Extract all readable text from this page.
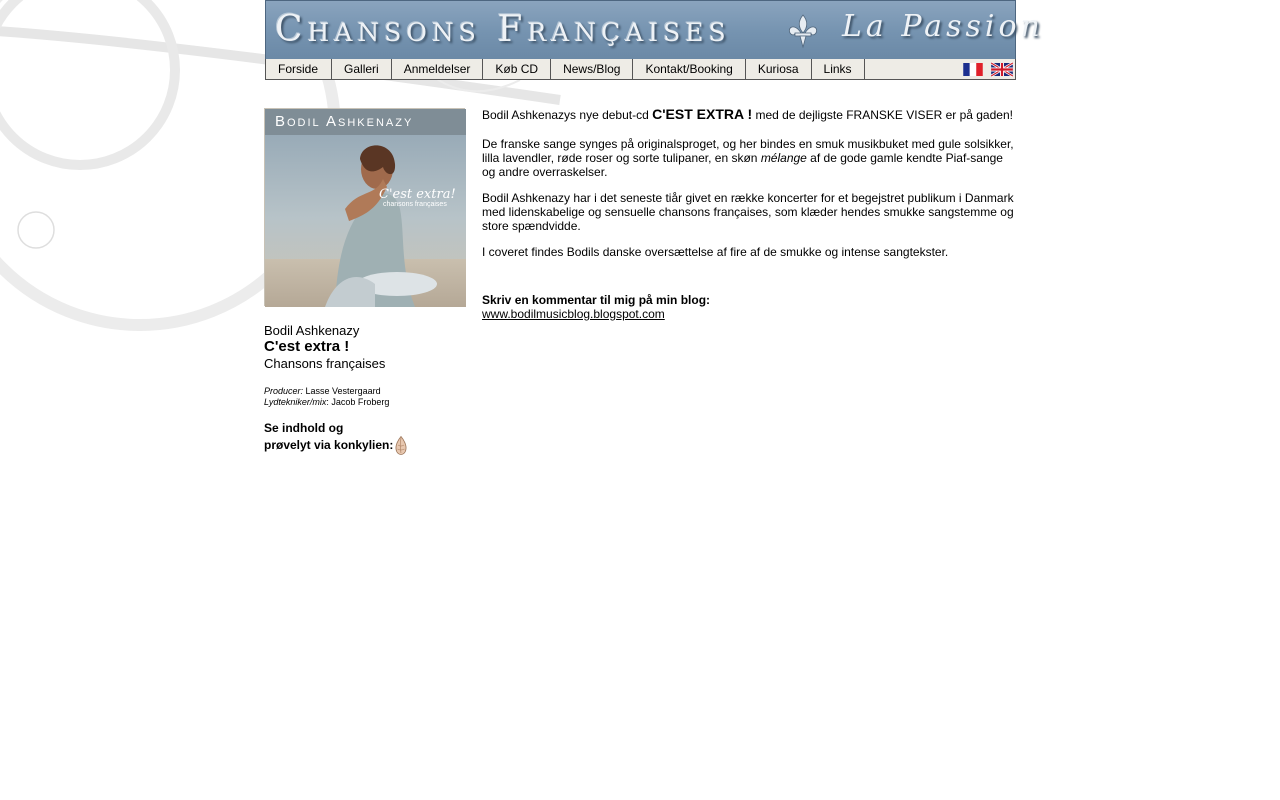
Chansons Françaises	La Passion
Forside	Galleri	Anmeldelser	Køb CD	News/Blog	Kontakt/Booking	Kuriosa	Links
Bodil Ashkenazy
C'est extra!
chansons françaises
Bodil Ashkenazy
C'est extra !
Chansons françaises
Producer: Lasse Vestergaard
Lydtekniker/mix: Jacob Froberg
Se indhold og
prøvelyt via konkylien:

Bodil Ashkenazys nye debut-cd C'EST EXTRA ! med de dejligste FRANSKE VISER er på gaden!

De franske sange synges på originalsproget, og her bindes en smuk musikbuket med gule solsikker, lilla lavendler, røde roser og sorte tulipaner, en skøn mélange af de gode gamle kendte Piaf-sange og andre overraskelser.

Bodil Ashkenazy har i det seneste tiår givet en række koncerter for et begejstret publikum i Danmark med lidenskabelige og sensuelle chansons françaises, som klæder hendes smukke sangstemme og store spændvidde.

I coveret findes Bodils danske oversættelse af fire af de smukke og intense sangtekster.

Skriv en kommentar til mig på min blog:

www.bodilmusicblog.blogspot.com
